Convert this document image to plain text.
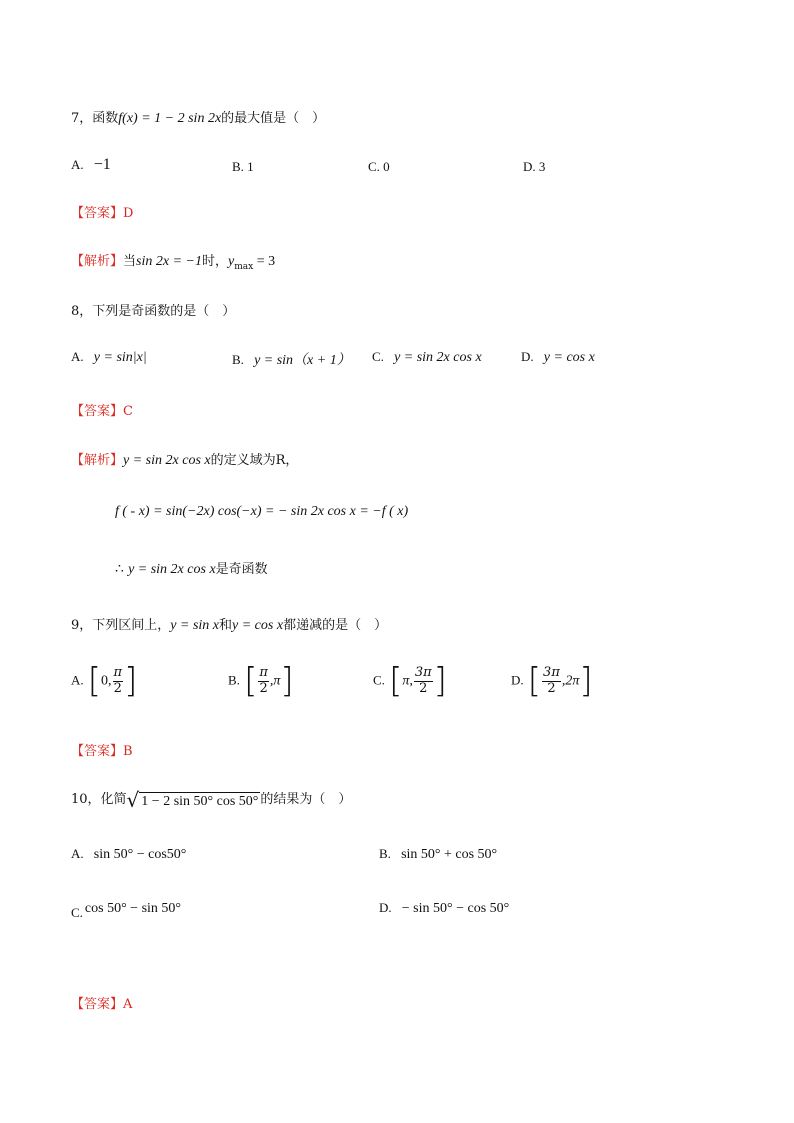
7，函数f(x) = 1 − 2 sin 2x的最大值是（　）
A. −1	B. 1	C. 0	D. 3
【答案】D
【解析】当sin 2x = −1时，$y_{max} = 3$
8，下列是奇函数的是（　）
A. y = sin|x|	B. y = sin（x + 1） C. y = sin 2x cos x	D. y = cos x
【答案】C
【解析】y = sin 2x cos x的定义域为R，
f ( - x) = sin(−2x) cos(−x) = − sin 2x cos x = −f ( x)
∴ y = sin 2x cos x是奇函数
9，下列区间上，y = sin x和y = cos x都递减的是（　）
A. [0, $\frac{\pi}{2}$ ]	B. [ $\frac{\pi}{2} ,\pi$]	C. [π, $\frac{3\pi}{2}$ ]	D. [ $\frac{3\pi}{2} ,2\pi$]
【答案】B
10，化简 √ 1 − 2 sin 50° cos 50° 的结果为（　）
A. sin 50° − cos50°	B. sin 50° + cos 50°
C. cos 50° − sin 50°	D. − sin 50° − cos 50°
【答案】A
